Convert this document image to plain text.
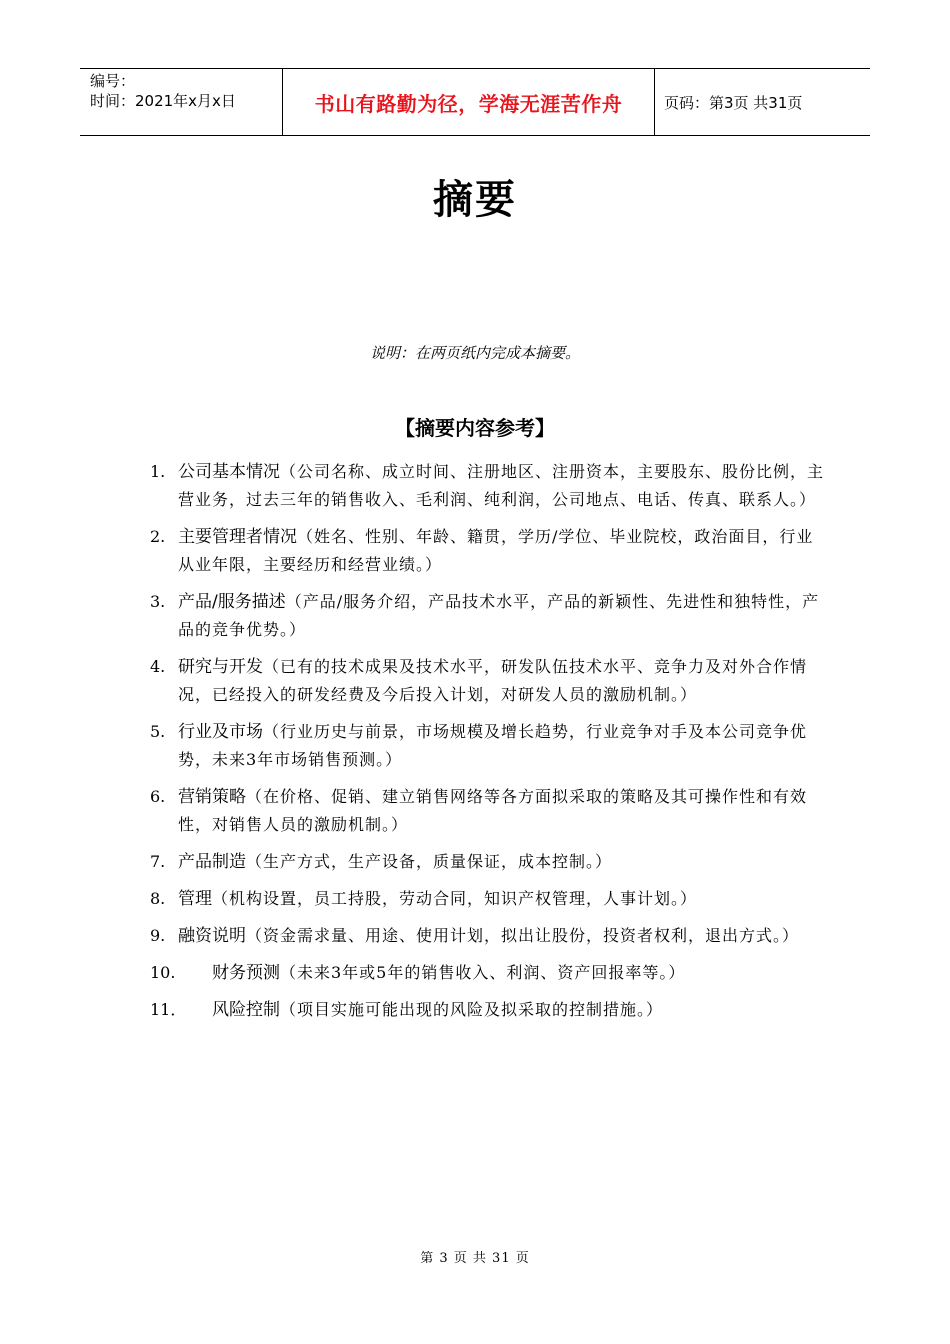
编号：
时间：2021年x月x日	书山有路勤为径，学海无涯苦作舟	页码：第3页 共31页
摘要
说明：在两页纸内完成本摘要。
【摘要内容参考】
1. 公司基本情况（公司名称、成立时间、注册地区、注册资本，主要股东、股份比例，主营业务，过去三年的销售收入、毛利润、纯利润，公司地点、电话、传真、联系人。）
2. 主要管理者情况（姓名、性别、年龄、籍贯，学历/学位、毕业院校，政治面目，行业从业年限，主要经历和经营业绩。）
3. 产品/服务描述（产品/服务介绍，产品技术水平，产品的新颖性、先进性和独特性，产品的竞争优势。）
4. 研究与开发（已有的技术成果及技术水平，研发队伍技术水平、竞争力及对外合作情况，已经投入的研发经费及今后投入计划，对研发人员的激励机制。）
5. 行业及市场（行业历史与前景，市场规模及增长趋势，行业竞争对手及本公司竞争优势，未来3年市场销售预测。）
6. 营销策略（在价格、促销、建立销售网络等各方面拟采取的策略及其可操作性和有效性，对销售人员的激励机制。）
7. 产品制造（生产方式，生产设备，质量保证，成本控制。）
8. 管理（机构设置，员工持股，劳动合同，知识产权管理，人事计划。）
9. 融资说明（资金需求量、用途、使用计划，拟出让股份，投资者权利，退出方式。）
10.	财务预测（未来3年或5年的销售收入、利润、资产回报率等。）
11．	风险控制（项目实施可能出现的风险及拟采取的控制措施。）
第 3 页 共 31 页
